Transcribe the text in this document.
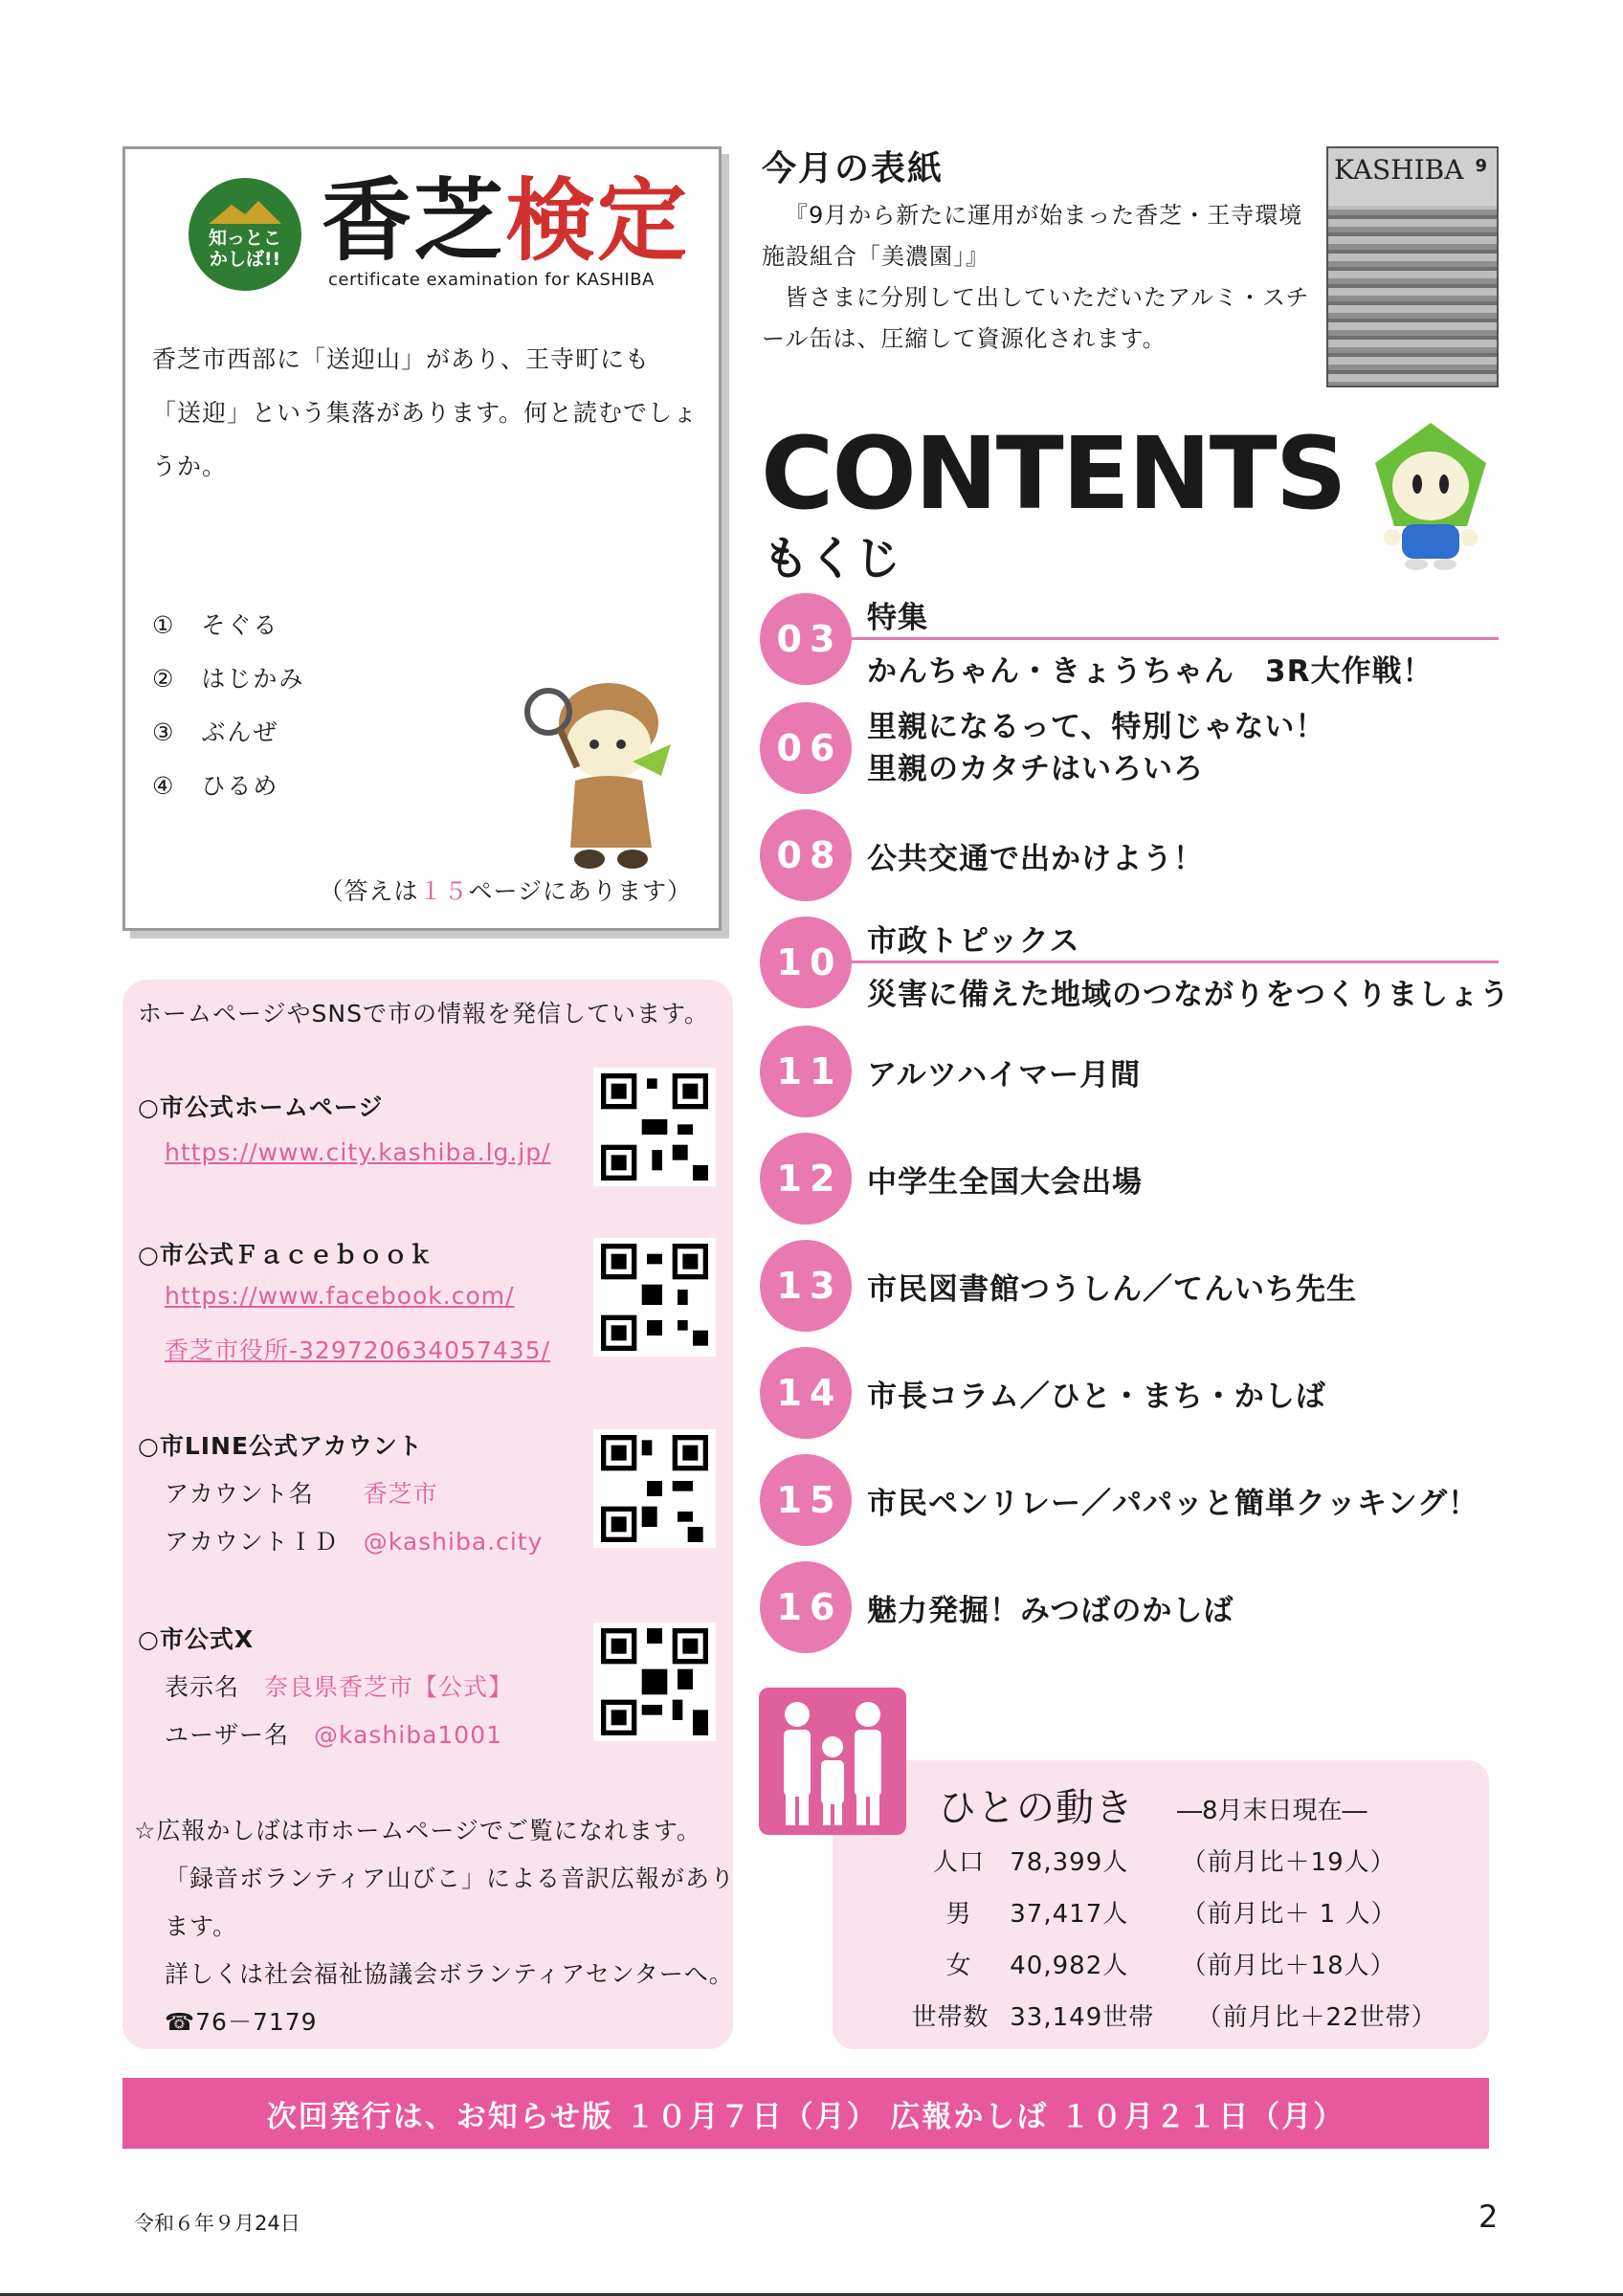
知っとこ
かしば!! 香芝検定
certificate examination for KASHIBA
香芝市西部に「送迎山」があり、王寺町にも「送迎」という集落があります。何と読むでしょうか。
①　そぐる
②　はじかみ
③　ぶんぜ
④　ひるめ
（答えは１５ページにあります）
今月の表紙
『9月から新たに運用が始まった香芝・王寺環境施設組合「美濃園」』
皆さまに分別して出していただいたアルミ・スチール缶は、圧縮して資源化されます。
KASHIBA 9
CONTENTS
もくじ
03 特集
かんちゃん・きょうちゃん　3R大作戦！
06 里親になるって、特別じゃない！
里親のカタチはいろいろ
08 公共交通で出かけよう！
10 市政トピックス
災害に備えた地域のつながりをつくりましょう
11 アルツハイマー月間
12 中学生全国大会出場
13 市民図書館つうしん／てんいち先生
14 市長コラム／ひと・まち・かしば
15 市民ペンリレー／パパッと簡単クッキング！
16 魅力発掘！みつばのかしば
ホームページやSNSで市の情報を発信しています。
○市公式ホームページ
https://www.city.kashiba.lg.jp/
○市公式Ｆａｃｅｂｏｏｋ
https://www.facebook.com/
香芝市役所-329720634057435/
○市LINE公式アカウント
アカウント名　　 香芝市
アカウントＩＤ　 @kashiba.city
○市公式X
表示名　 奈良県香芝市【公式】
ユーザー名　 @kashiba1001
☆広報かしばは市ホームページでご覧になれます。
「録音ボランティア山びこ」による音訳広報があり
ます。
詳しくは社会福祉協議会ボランティアセンターへ。
☎76－7179
ひとの動き ―8月末日現在―
人口 78,399人 （前月比＋19人）
男 37,417人 （前月比＋ 1 人）
女 40,982人 （前月比＋18人）
世帯数 33,149世帯 （前月比＋22世帯）
次回発行は、お知らせ版 １０月７日（月） 広報かしば １０月２１日（月）
令和６年９月24日	2
